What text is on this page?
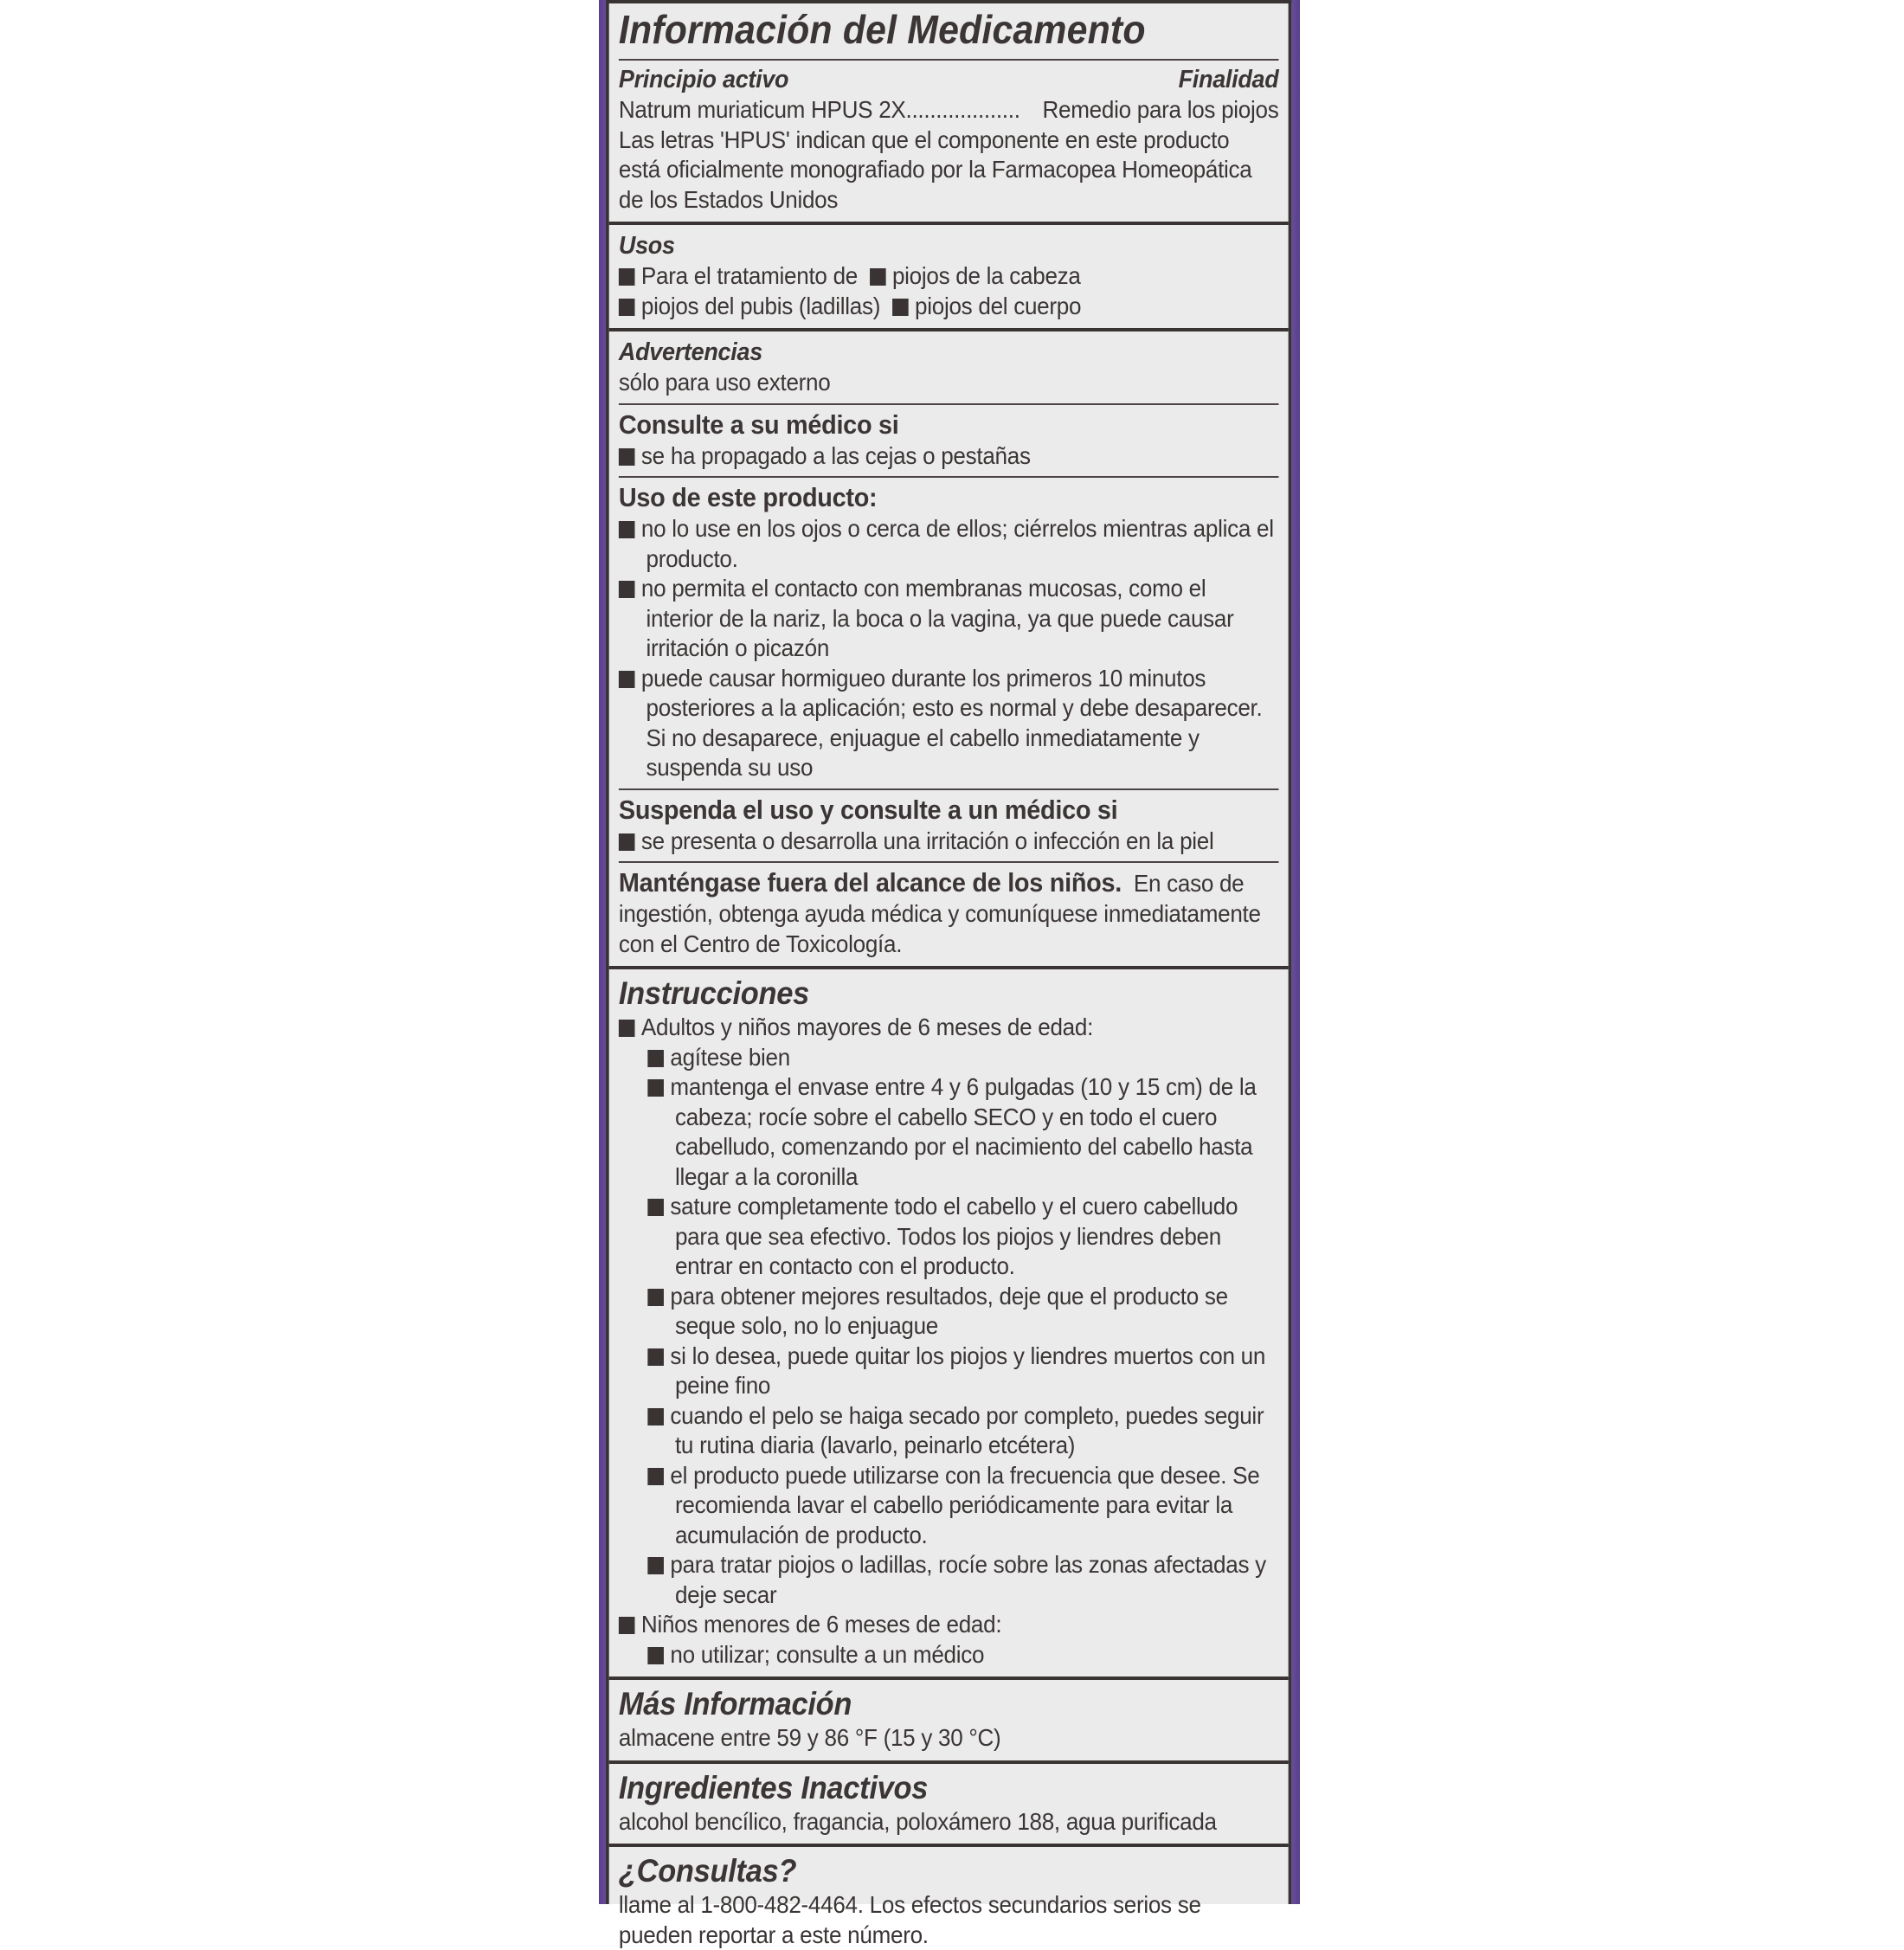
Información del Medicamento
Principio activo	Finalidad
Natrum muriaticum HPUS 2X................... Remedio para los piojos
Las letras 'HPUS' indican que el componente en este producto
está oficialmente monografiado por la Farmacopea Homeopática
de los Estados Unidos
Usos
Para el tratamiento de piojos de la cabeza
piojos del pubis (ladillas) piojos del cuerpo
Advertencias
sólo para uso externo
Consulte a su médico si
se ha propagado a las cejas o pestañas
Uso de este producto:
no lo use en los ojos o cerca de ellos; ciérrelos mientras aplica el producto.
no permita el contacto con membranas mucosas, como el interior de la nariz, la boca o la vagina, ya que puede causar irritación o picazón
puede causar hormigueo durante los primeros 10 minutos posteriores a la aplicación; esto es normal y debe desaparecer. Si no desaparece, enjuague el cabello inmediatamente y suspenda su uso
Suspenda el uso y consulte a un médico si
se presenta o desarrolla una irritación o infección en la piel
Manténgase fuera del alcance de los niños. En caso de ingestión, obtenga ayuda médica y comuníquese inmediatamente con el Centro de Toxicología.
Instrucciones
Adultos y niños mayores de 6 meses de edad:
agítese bien
mantenga el envase entre 4 y 6 pulgadas (10 y 15 cm) de la cabeza; rocíe sobre el cabello SECO y en todo el cuero cabelludo, comenzando por el nacimiento del cabello hasta llegar a la coronilla
sature completamente todo el cabello y el cuero cabelludo para que sea efectivo. Todos los piojos y liendres deben entrar en contacto con el producto.
para obtener mejores resultados, deje que el producto se seque solo, no lo enjuague
si lo desea, puede quitar los piojos y liendres muertos con un peine fino
cuando el pelo se haiga secado por completo, puedes seguir tu rutina diaria (lavarlo, peinarlo etcétera)
el producto puede utilizarse con la frecuencia que desee. Se recomienda lavar el cabello periódicamente para evitar la acumulación de producto.
para tratar piojos o ladillas, rocíe sobre las zonas afectadas y deje secar
Niños menores de 6 meses de edad:
no utilizar; consulte a un médico
Más Información
almacene entre 59 y 86 °F (15 y 30 °C)
Ingredientes Inactivos
alcohol bencílico, fragancia, poloxámero 188, agua purificada
¿Consultas?
llame al 1-800-482-4464. Los efectos secundarios serios se pueden reportar a este número.
